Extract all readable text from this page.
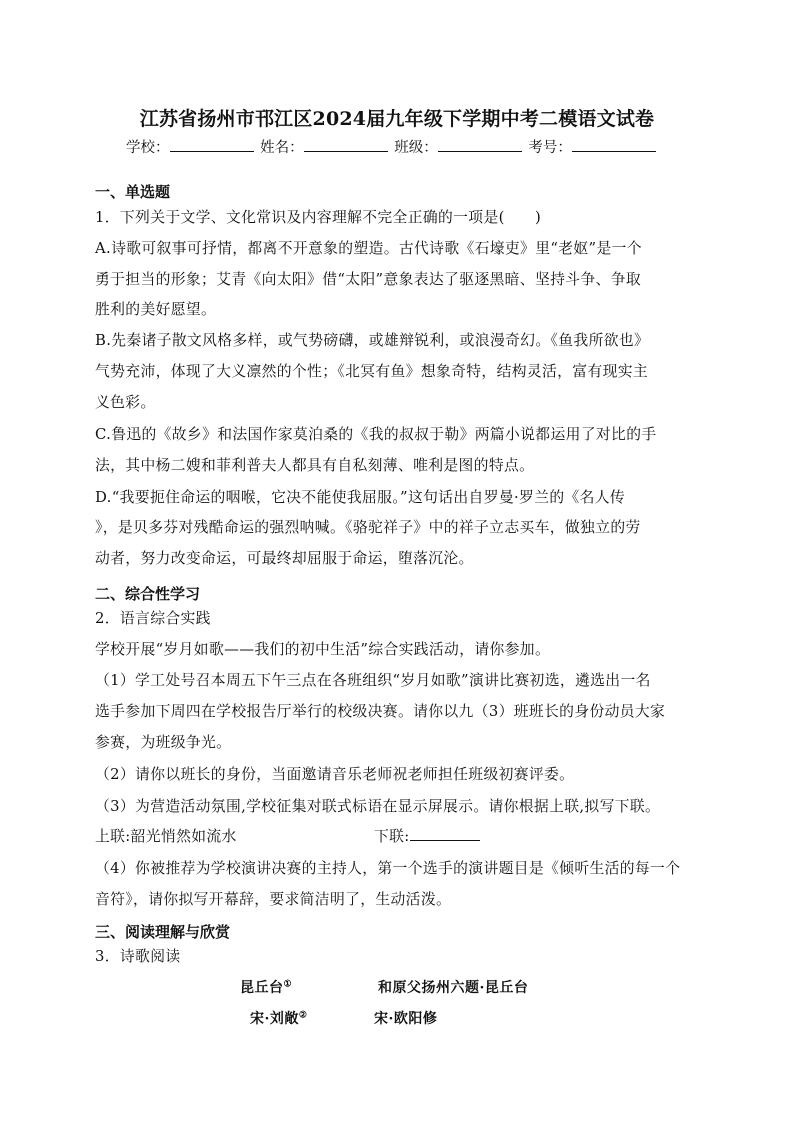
江苏省扬州市邗江区2024届九年级下学期中考二模语文试卷
学校：	姓名：	班级：	考号：
一、单选题
1．下列关于文学、文化常识及内容理解不完全正确的一项是(　　)
A.诗歌可叙事可抒情，都离不开意象的塑造。古代诗歌《石壕吏》里“老妪”是一个
勇于担当的形象；艾青《向太阳》借“太阳”意象表达了驱逐黑暗、坚持斗争、争取
胜利的美好愿望。
B.先秦诸子散文风格多样，或气势磅礴，或雄辩锐利，或浪漫奇幻。《鱼我所欲也》
气势充沛，体现了大义凛然的个性；《北冥有鱼》想象奇特，结构灵活，富有现实主
义色彩。
C.鲁迅的《故乡》和法国作家莫泊桑的《我的叔叔于勒》两篇小说都运用了对比的手
法，其中杨二嫂和菲利普夫人都具有自私刻薄、唯利是图的特点。
D.“我要扼住命运的咽喉，它决不能使我屈服。”这句话出自罗曼·罗兰的《名人传
》，是贝多芬对残酷命运的强烈呐喊。《骆驼祥子》中的祥子立志买车，做独立的劳
动者，努力改变命运，可最终却屈服于命运，堕落沉沦。
二、综合性学习
2．语言综合实践
学校开展“岁月如歌——我们的初中生活”综合实践活动，请你参加。
（1）学工处号召本周五下午三点在各班组织“岁月如歌”演讲比赛初选，遴选出一名
选手参加下周四在学校报告厅举行的校级决赛。请你以九（3）班班长的身份动员大家
参赛，为班级争光。
（2）请你以班长的身份，当面邀请音乐老师祝老师担任班级初赛评委。
（3）为营造活动氛围,学校征集对联式标语在显示屏展示。请你根据上联,拟写下联。
上联:韶光悄然如流水	下联:
（4）你被推荐为学校演讲决赛的主持人，第一个选手的演讲题目是《倾听生活的每一个
音符》，请你拟写开幕辞，要求简洁明了，生动活泼。
三、阅读理解与欣赏
3．诗歌阅读
昆丘台①	和原父扬州六题·昆丘台
宋·刘敞②	宋·欧阳修
